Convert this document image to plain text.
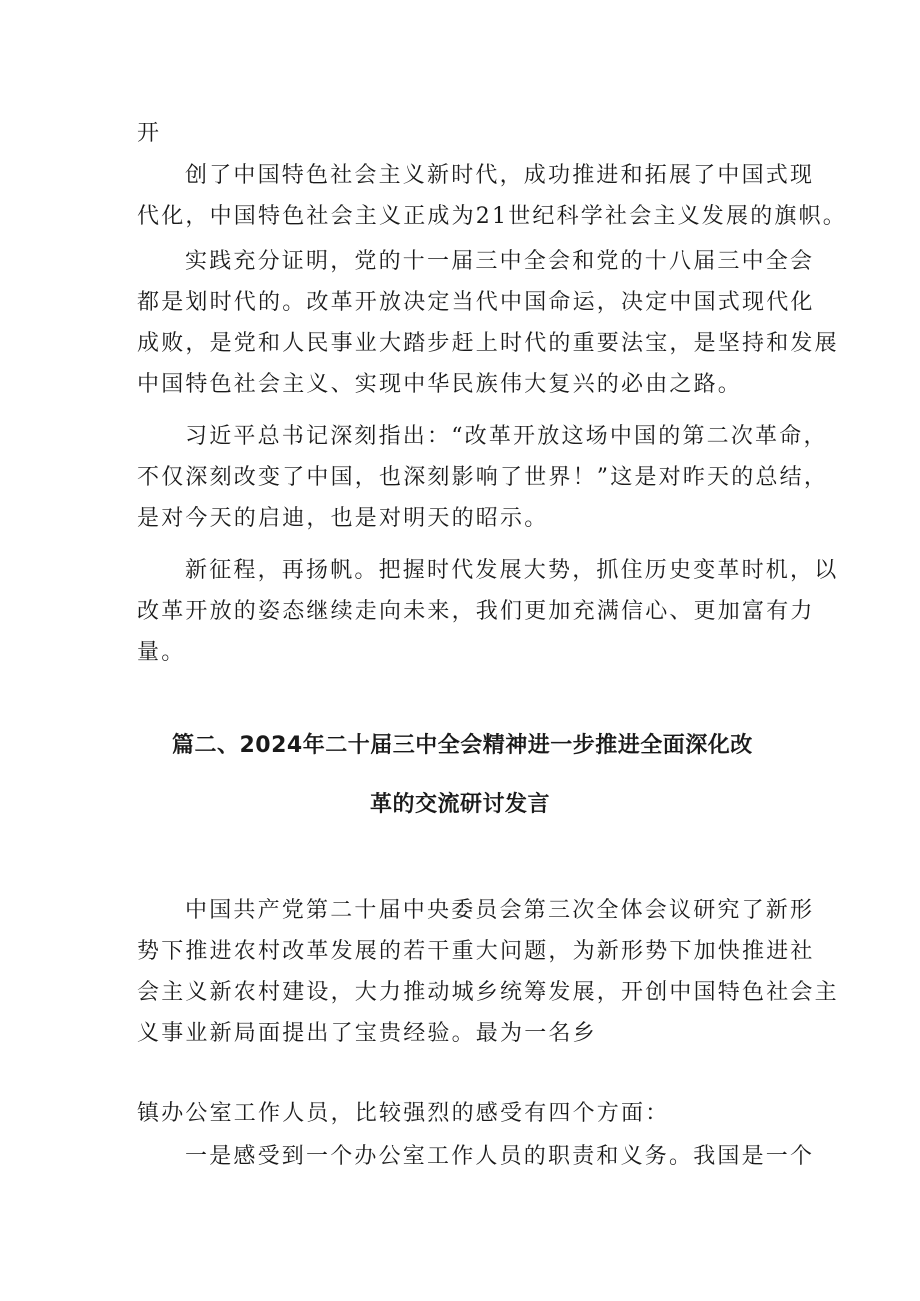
开
创了中国特色社会主义新时代，成功推进和拓展了中国式现
代化，中国特色社会主义正成为21世纪科学社会主义发展的旗帜。
实践充分证明，党的十一届三中全会和党的十八届三中全会
都是划时代的。改革开放决定当代中国命运，决定中国式现代化
成败，是党和人民事业大踏步赶上时代的重要法宝，是坚持和发展
中国特色社会主义、实现中华民族伟大复兴的必由之路。
习近平总书记深刻指出：“改革开放这场中国的第二次革命，
不仅深刻改变了中国，也深刻影响了世界！”这是对昨天的总结，
是对今天的启迪，也是对明天的昭示。
新征程，再扬帆。把握时代发展大势，抓住历史变革时机，以
改革开放的姿态继续走向未来，我们更加充满信心、更加富有力
量。
篇二、2024年二十届三中全会精神进一步推进全面深化改
革的交流研讨发言
中国共产党第二十届中央委员会第三次全体会议研究了新形
势下推进农村改革发展的若干重大问题，为新形势下加快推进社
会主义新农村建设，大力推动城乡统筹发展，开创中国特色社会主
义事业新局面提出了宝贵经验。最为一名乡
镇办公室工作人员，比较强烈的感受有四个方面：
一是感受到一个办公室工作人员的职责和义务。我国是一个
